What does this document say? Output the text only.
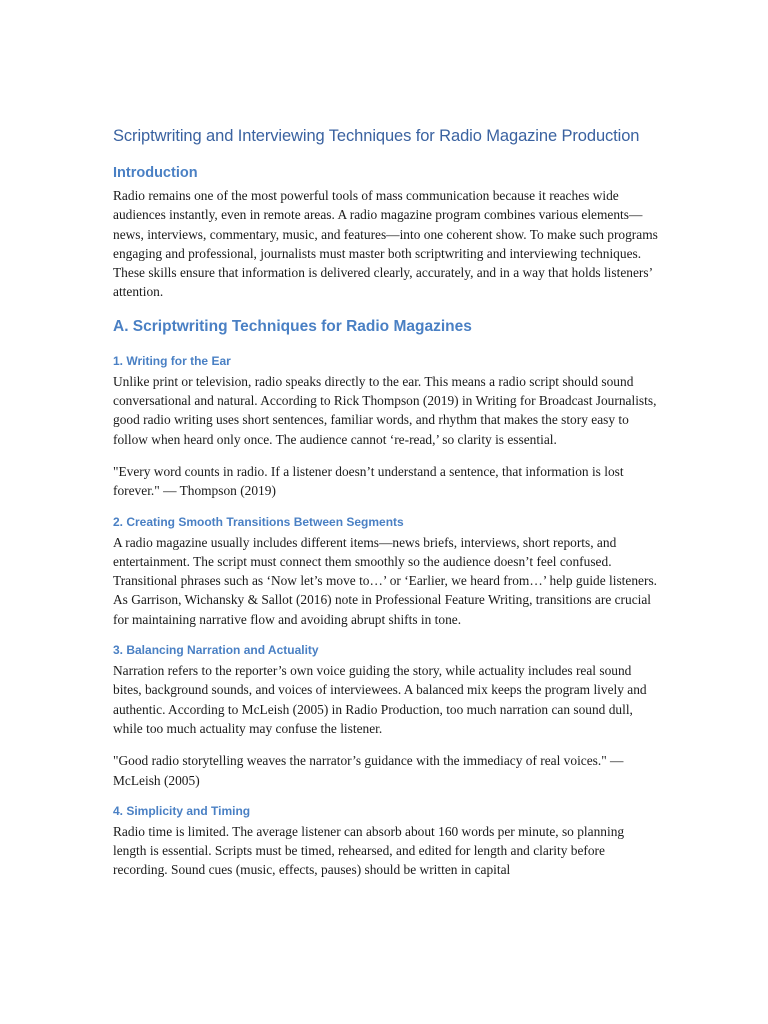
Scriptwriting and Interviewing Techniques for Radio Magazine Production
Introduction

Radio remains one of the most powerful tools of mass communication because it reaches wide audiences instantly, even in remote areas. A radio magazine program combines various elements—news, interviews, commentary, music, and features—into one coherent show. To make such programs engaging and professional, journalists must master both scriptwriting and interviewing techniques. These skills ensure that information is delivered clearly, accurately, and in a way that holds listeners’ attention.

A. Scriptwriting Techniques for Radio Magazines
1. Writing for the Ear

Unlike print or television, radio speaks directly to the ear. This means a radio script should sound conversational and natural. According to Rick Thompson (2019) in Writing for Broadcast Journalists, good radio writing uses short sentences, familiar words, and rhythm that makes the story easy to follow when heard only once. The audience cannot ‘re-read,’ so clarity is essential.

"Every word counts in radio. If a listener doesn’t understand a sentence, that information is lost forever." — Thompson (2019)

2. Creating Smooth Transitions Between Segments

A radio magazine usually includes different items—news briefs, interviews, short reports, and entertainment. The script must connect them smoothly so the audience doesn’t feel confused. Transitional phrases such as ‘Now let’s move to…’ or ‘Earlier, we heard from…’ help guide listeners. As Garrison, Wichansky & Sallot (2016) note in Professional Feature Writing, transitions are crucial for maintaining narrative flow and avoiding abrupt shifts in tone.

3. Balancing Narration and Actuality

Narration refers to the reporter’s own voice guiding the story, while actuality includes real sound bites, background sounds, and voices of interviewees. A balanced mix keeps the program lively and authentic. According to McLeish (2005) in Radio Production, too much narration can sound dull, while too much actuality may confuse the listener.

"Good radio storytelling weaves the narrator’s guidance with the immediacy of real voices." — McLeish (2005)

4. Simplicity and Timing

Radio time is limited. The average listener can absorb about 160 words per minute, so planning length is essential. Scripts must be timed, rehearsed, and edited for length and clarity before recording. Sound cues (music, effects, pauses) should be written in capital
